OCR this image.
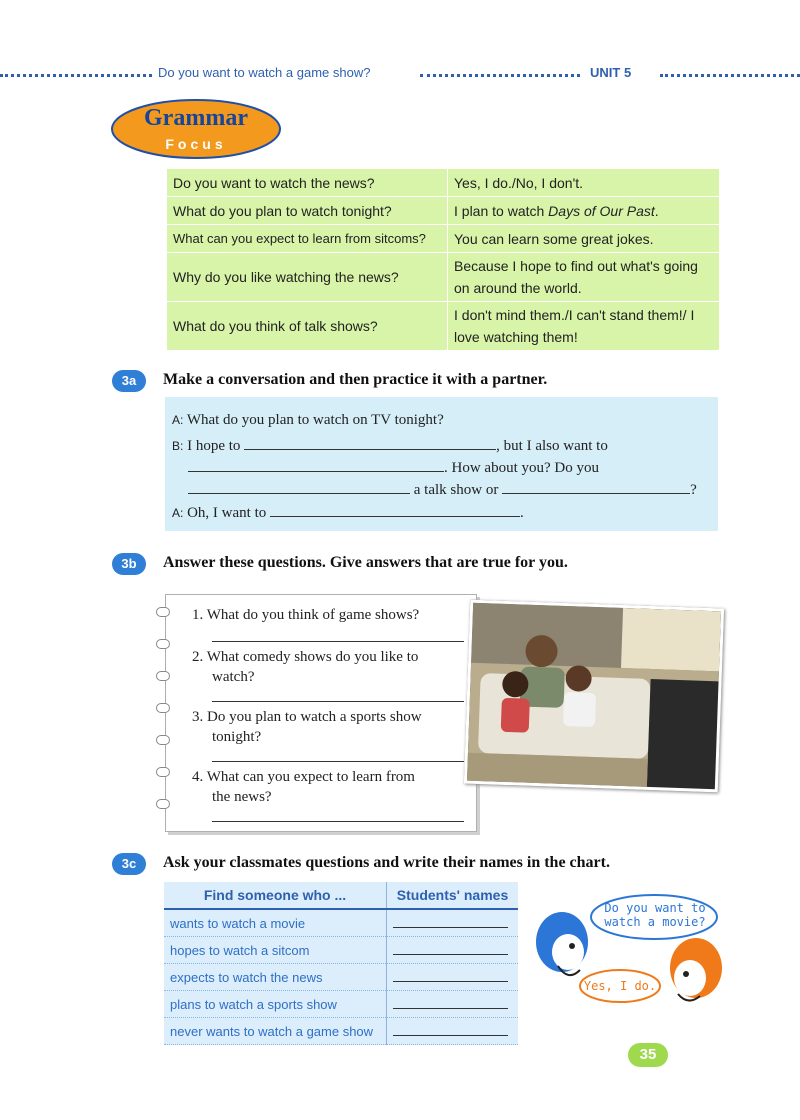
Do you want to watch a game show?	UNIT 5
Grammar
Focus
Do you want to watch the news?	Yes, I do./No, I don't.
What do you plan to watch tonight?	I plan to watch Days of Our Past.
What can you expect to learn from sitcoms?	You can learn some great jokes.
Why do you like watching the news?	Because I hope to find out what's going on around the world.
What do you think of talk shows?	I don't mind them./I can't stand them!/ I love watching them!
3a	Make a conversation and then practice it with a partner.
A: What do you plan to watch on TV tonight?
B: I hope to	, but I also want to
. How about you? Do you
a talk show or	?
A: Oh, I want to	.
3b	Answer these questions. Give answers that are true for you.
1. What do you think of game shows?
2. What comedy shows do you like to
watch?
3. Do you plan to watch a sports show
tonight?
4. What can you expect to learn from
the news?
3c	Ask your classmates questions and write their names in the chart.
Find someone who ...	Students' names
wants to watch a movie	
hopes to watch a sitcom	
expects to watch the news	
plans to watch a sports show	
never wants to watch a game show	
Do you want to watch a movie?
Yes, I do.
35
